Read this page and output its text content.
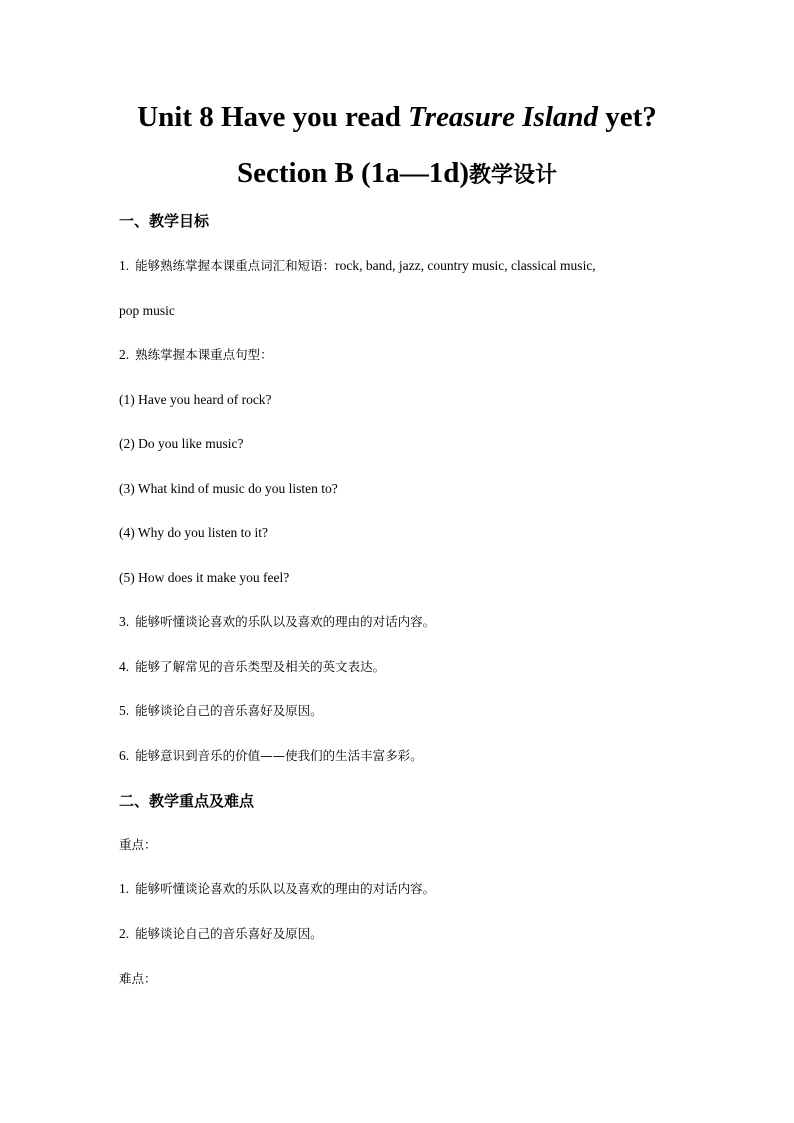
Unit 8 Have you read Treasure Island yet?
Section B (1a—1d)教学设计
一、教学目标
1. 能够熟练掌握本课重点词汇和短语：rock, band, jazz, country music, classical music,
pop music
2. 熟练掌握本课重点句型：
(1) Have you heard of rock?
(2) Do you like music?
(3) What kind of music do you listen to?
(4) Why do you listen to it?
(5) How does it make you feel?
3. 能够听懂谈论喜欢的乐队以及喜欢的理由的对话内容。
4. 能够了解常见的音乐类型及相关的英文表达。
5. 能够谈论自己的音乐喜好及原因。
6. 能够意识到音乐的价值——使我们的生活丰富多彩。
二、教学重点及难点
重点：
1. 能够听懂谈论喜欢的乐队以及喜欢的理由的对话内容。
2. 能够谈论自己的音乐喜好及原因。
难点：
